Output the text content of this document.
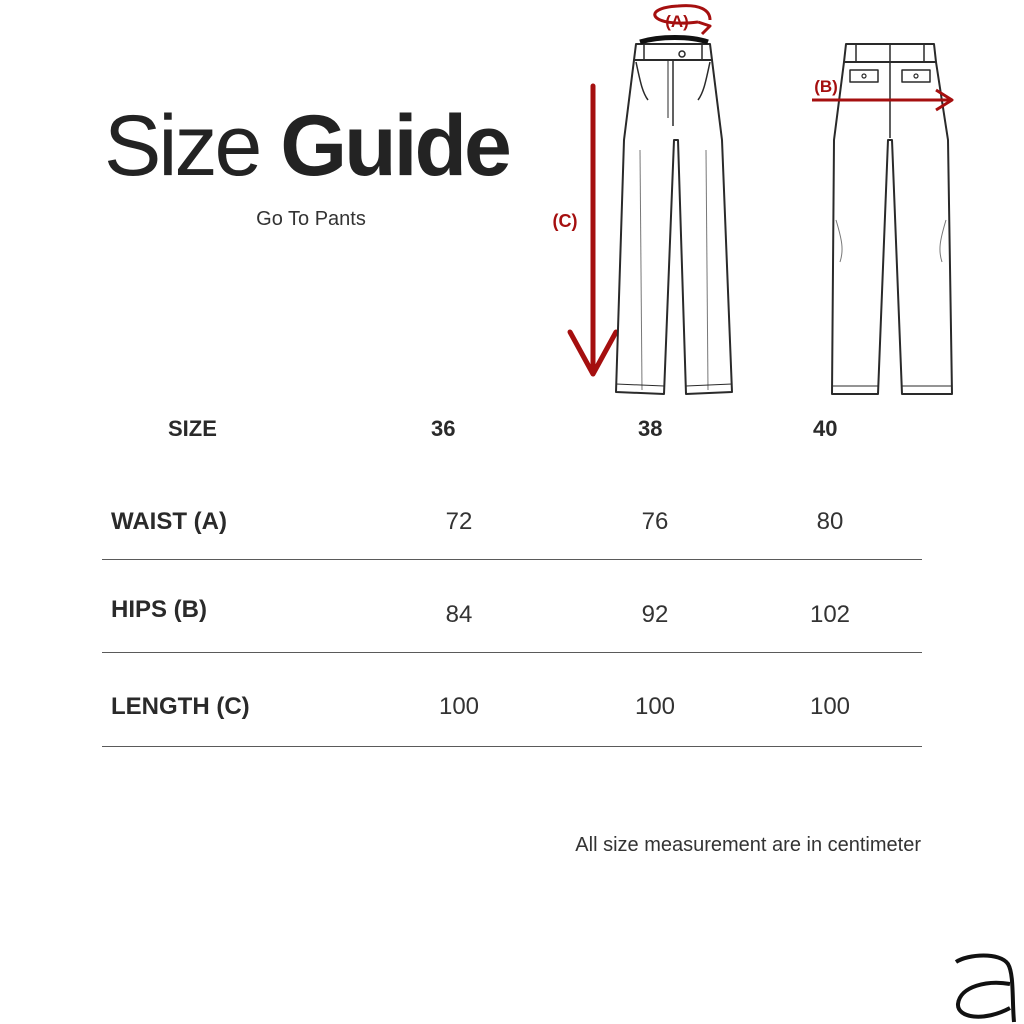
Size Guide
Go To Pants	(C)
(A)
(B)
SIZE	36	38	40
WAIST (A)	72	76	80
HIPS (B)	84	92	102
LENGTH (C)	100	100	100
All size measurement are in centimeter
